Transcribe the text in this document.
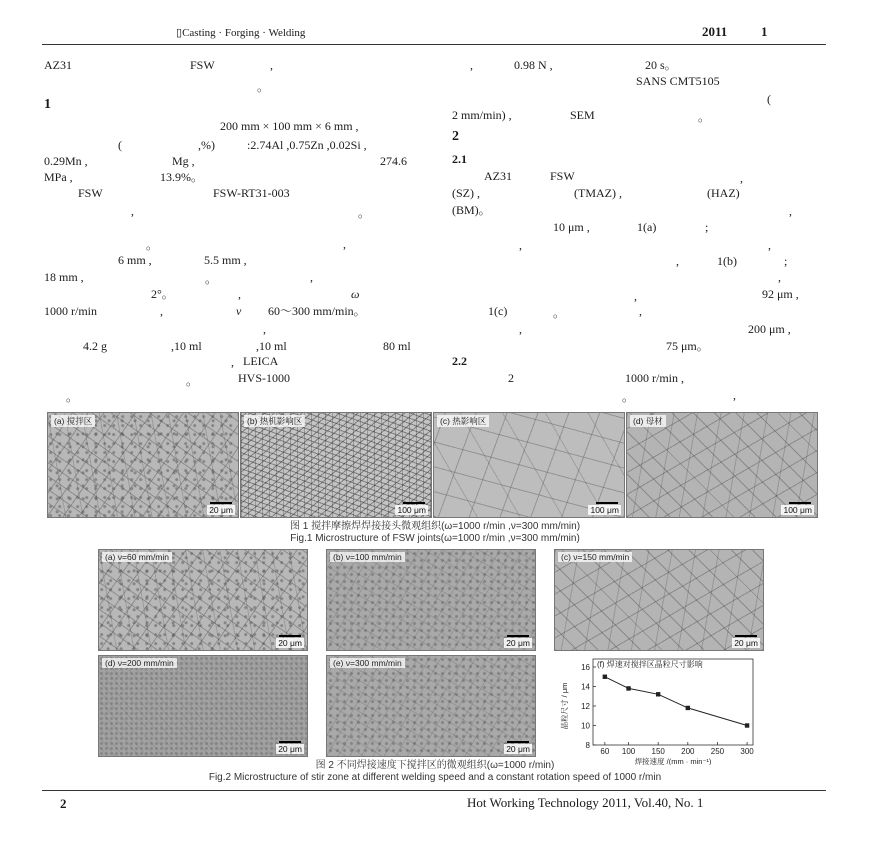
▯Casting · Forging · Welding	2011	1
AZ31	FSW	,
。
1
200 mm × 100 mm × 6 mm ,
(	,%)	:2.74Al ,0.75Zn ,0.02Si ,
0.29Mn ,	Mg ,	274.6
MPa ,	13.9%。
FSW	FSW-RT31-003
,	。
。	,
6 mm ,	5.5 mm ,
18 mm ,	。	,
2°。	,	ω
1000 r/min	,	ν 60～300 mm/min。
,
4.2 g	,10 ml	,10 ml	80 ml
, LEICA
。	HVS-1000
。
,	0.98 N ,	20 s。
SANS CMT5105
(
2 mm/min) ,	SEM	。
2
2.1
AZ31	FSW	,
(SZ) ,	(TMAZ) ,	(HAZ)
(BM)。	,
10 μm ,	1(a)	;
,	,
,	1(b)	;
,
,	92 μm ,
1(c)	。	,
,	200 μm ,
75 μm。
2.2
2	1000 r/min ,
。	,
(a) 搅拌区
20 μm
(b) 热机影响区
100 μm
(c) 热影响区
100 μm
(d) 母材
100 μm
图 1 搅拌摩擦焊焊接接头微观组织(ω=1000 r/min ,ν=300 mm/min)
Fig.1 Microstructure of FSW joints(ω=1000 r/min ,ν=300 mm/min)
(a) ν=60 mm/min
20 μm
(b) ν=100 mm/min
20 μm
(c) ν=150 mm/min
20 μm
(d) ν=200 mm/min
20 μm
(e) ν=300 mm/min
20 μm
(f) 焊速对搅拌区晶粒尺寸影响
8
10
12
14
16
60 100 150 200 250 300
晶粒尺寸 / μm
焊接速度 /(mm · min⁻¹)
图 2 不同焊接速度下搅拌区的微观组织(ω=1000 r/min)
Fig.2 Microstructure of stir zone at different welding speed and a constant rotation speed of 1000 r/min
2	Hot Working Technology 2011, Vol.40, No. 1
